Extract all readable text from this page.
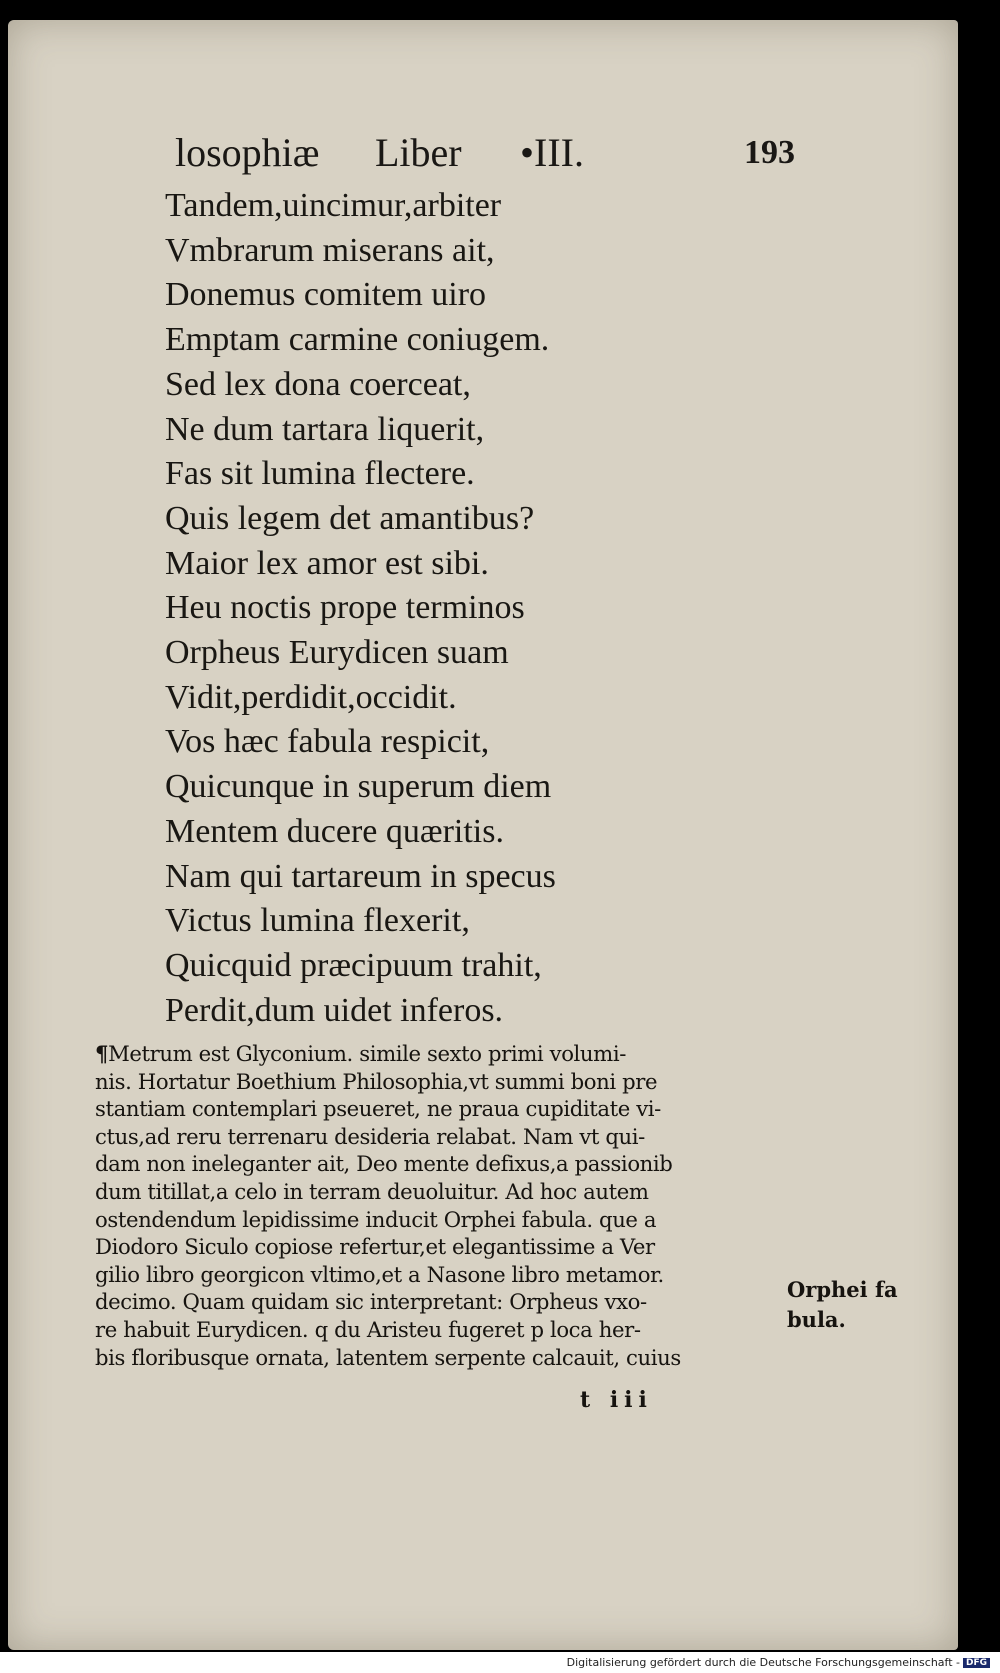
losophiæ Liber •III.	193
Tandem,uincimur,arbiter
Vmbrarum miserans ait,
Donemus comitem uiro
Emptam carmine coniugem.
Sed lex dona coerceat,
Ne dum tartara liquerit,
Fas sit lumina flectere.
Quis legem det amantibus?
Maior lex amor est sibi.
Heu noctis prope terminos
Orpheus Eurydicen suam
Vidit,perdidit,occidit.
Vos hæc fabula respicit,
Quicunque in superum diem
Mentem ducere quæritis.
Nam qui tartareum in specus
Victus lumina flexerit,
Quicquid præcipuum trahit,
Perdit,dum uidet inferos.
¶Metrum est Glyconium. simile sexto primi volumi-
nis. Hortatur Boethium Philosophia,vt summi boni pre
stantiam contemplari pseueret, ne praua cupiditate vi-
ctus,ad reru terrenaru desideria relabat. Nam vt qui-
dam non ineleganter ait, Deo mente defixus,a passionib
dum titillat,a celo in terram deuoluitur. Ad hoc autem
ostendendum lepidissime inducit Orphei fabula. que a
Diodoro Siculo copiose refertur,et elegantissime a Ver
gilio libro georgicon vltimo,et a Nasone libro metamor.
decimo. Quam quidam sic interpretant: Orpheus vxo-
re habuit Eurydicen. q du Aristeu fugeret p loca her-
bis floribusque ornata, latentem serpente calcauit, cuius
Orphei fa
bula.
t iii
Digitalisierung gefördert durch die Deutsche Forschungsgemeinschaft - DFG
